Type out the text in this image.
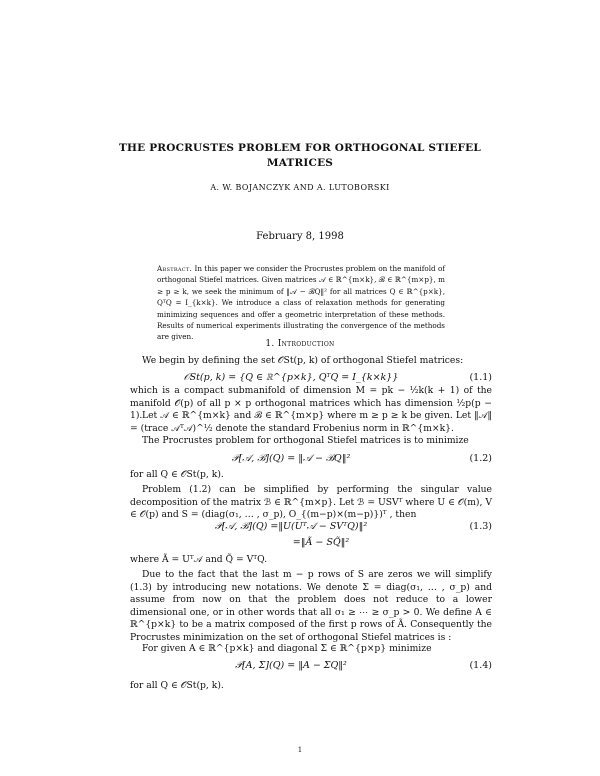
THE PROCRUSTES PROBLEM FOR ORTHOGONAL STIEFEL
MATRICES
A. W. BOJANCZYK AND A. LUTOBORSKI
February 8, 1998
Abstract. In this paper we consider the Procrustes problem on the manifold of orthogonal Stiefel matrices. Given matrices 𝒜 ∈ ℝ^{m×k}, ℬ ∈ ℝ^{m×p}, m ≥ p ≥ k, we seek the minimum of ‖𝒜 − ℬQ‖² for all matrices Q ∈ ℝ^{p×k}, QᵀQ = I_{k×k}. We introduce a class of relaxation methods for generating minimizing sequences and offer a geometric interpretation of these methods. Results of numerical experiments illustrating the convergence of the methods are given.
1. Introduction
We begin by defining the set 𝒪St(p, k) of orthogonal Stiefel matrices:
𝒪St(p, k) = {Q ∈ ℝ^{p×k}, QᵀQ = I_{k×k}}	(1.1)
which is a compact submanifold of dimension M = pk − ½k(k + 1) of the manifold 𝒪(p) of all p × p orthogonal matrices which has dimension ½p(p − 1). Let 𝒜 ∈ ℝ^{m×k} and ℬ ∈ ℝ^{m×p} where m ≥ p ≥ k be given. Let ‖𝒜‖ = (trace 𝒜ᵀ𝒜)^½ denote the standard Frobenius norm in ℝ^{m×k}.
The Procrustes problem for orthogonal Stiefel matrices is to minimize
𝒫[𝒜, ℬ](Q) = ‖𝒜 − ℬQ‖²	(1.2)
for all Q ∈ 𝒪St(p, k).
Problem (1.2) can be simplified by performing the singular value decomposition of the matrix ℬ ∈ ℝ^{m×p}. Let ℬ = USVᵀ where U ∈ 𝒪(m), V ∈ 𝒪(p) and S = (diag(σ₁, … , σ_p), O_{(m−p)×(m−p)})ᵀ , then
𝒫[𝒜, ℬ](Q) =‖U(Uᵀ𝒜 − SVᵀQ)‖²	(1.3)
=‖Ã − SQ̃‖²
where Ã = Uᵀ𝒜 and Q̃ = VᵀQ.
Due to the fact that the last m − p rows of S are zeros we will simplify (1.3) by introducing new notations. We denote Σ = diag(σ₁, … , σ_p) and assume from now on that the problem does not reduce to a lower dimensional one, or in other words that all σ₁ ≥ ⋯ ≥ σ_p > 0. We define A ∈ ℝ^{p×k} to be a matrix composed of the first p rows of Ã. Consequently the Procrustes minimization on the set of orthogonal Stiefel matrices is :
For given A ∈ ℝ^{p×k} and diagonal Σ ∈ ℝ^{p×p} minimize
𝒫[A, Σ](Q) = ‖A − ΣQ‖²	(1.4)
for all Q ∈ 𝒪St(p, k).
1
